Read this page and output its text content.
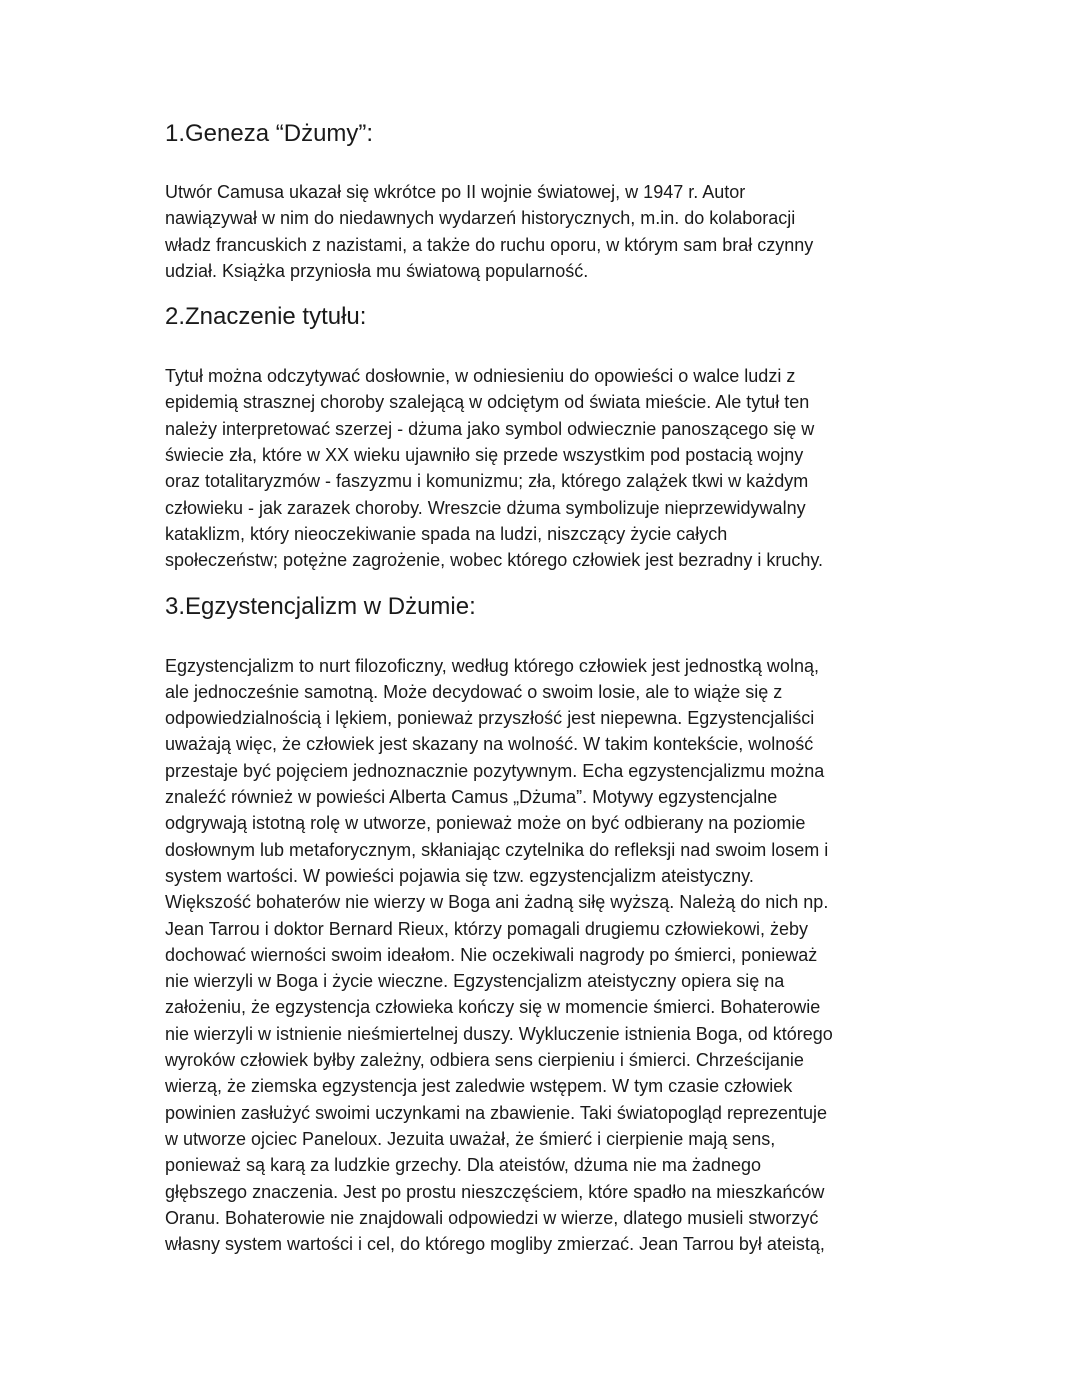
1.Geneza “Dżumy”:

Utwór Camusa ukazał się wkrótce po II wojnie światowej, w 1947 r. Autor
nawiązywał w nim do niedawnych wydarzeń historycznych, m.in. do kolaboracji
władz francuskich z nazistami, a także do ruchu oporu, w którym sam brał czynny
udział. Książka przyniosła mu światową popularność.

2.Znaczenie tytułu:

Tytuł można odczytywać dosłownie, w odniesieniu do opowieści o walce ludzi z
epidemią strasznej choroby szalejącą w odciętym od świata mieście. Ale tytuł ten
należy interpretować szerzej - dżuma jako symbol odwiecznie panoszącego się w
świecie zła, które w XX wieku ujawniło się przede wszystkim pod postacią wojny
oraz totalitaryzmów - faszyzmu i komunizmu; zła, którego zalążek tkwi w każdym
człowieku - jak zarazek choroby. Wreszcie dżuma symbolizuje nieprzewidywalny
kataklizm, który nieoczekiwanie spada na ludzi, niszczący życie całych
społeczeństw; potężne zagrożenie, wobec którego człowiek jest bezradny i kruchy.

3.Egzystencjalizm w Dżumie:

Egzystencjalizm to nurt filozoficzny, według którego człowiek jest jednostką wolną,
ale jednocześnie samotną. Może decydować o swoim losie, ale to wiąże się z
odpowiedzialnością i lękiem, ponieważ przyszłość jest niepewna. Egzystencjaliści
uważają więc, że człowiek jest skazany na wolność. W takim kontekście, wolność
przestaje być pojęciem jednoznacznie pozytywnym. Echa egzystencjalizmu można
znaleźć również w powieści Alberta Camus „Dżuma”. Motywy egzystencjalne
odgrywają istotną rolę w utworze, ponieważ może on być odbierany na poziomie
dosłownym lub metaforycznym, skłaniając czytelnika do refleksji nad swoim losem i
system wartości. W powieści pojawia się tzw. egzystencjalizm ateistyczny.
Większość bohaterów nie wierzy w Boga ani żadną siłę wyższą. Należą do nich np.
Jean Tarrou i doktor Bernard Rieux, którzy pomagali drugiemu człowiekowi, żeby
dochować wierności swoim ideałom. Nie oczekiwali nagrody po śmierci, ponieważ
nie wierzyli w Boga i życie wieczne. Egzystencjalizm ateistyczny opiera się na
założeniu, że egzystencja człowieka kończy się w momencie śmierci. Bohaterowie
nie wierzyli w istnienie nieśmiertelnej duszy. Wykluczenie istnienia Boga, od którego
wyroków człowiek byłby zależny, odbiera sens cierpieniu i śmierci. Chrześcijanie
wierzą, że ziemska egzystencja jest zaledwie wstępem. W tym czasie człowiek
powinien zasłużyć swoimi uczynkami na zbawienie. Taki światopogląd reprezentuje
w utworze ojciec Paneloux. Jezuita uważał, że śmierć i cierpienie mają sens,
ponieważ są karą za ludzkie grzechy. Dla ateistów, dżuma nie ma żadnego
głębszego znaczenia. Jest po prostu nieszczęściem, które spadło na mieszkańców
Oranu. Bohaterowie nie znajdowali odpowiedzi w wierze, dlatego musieli stworzyć
własny system wartości i cel, do którego mogliby zmierzać. Jean Tarrou był ateistą,
